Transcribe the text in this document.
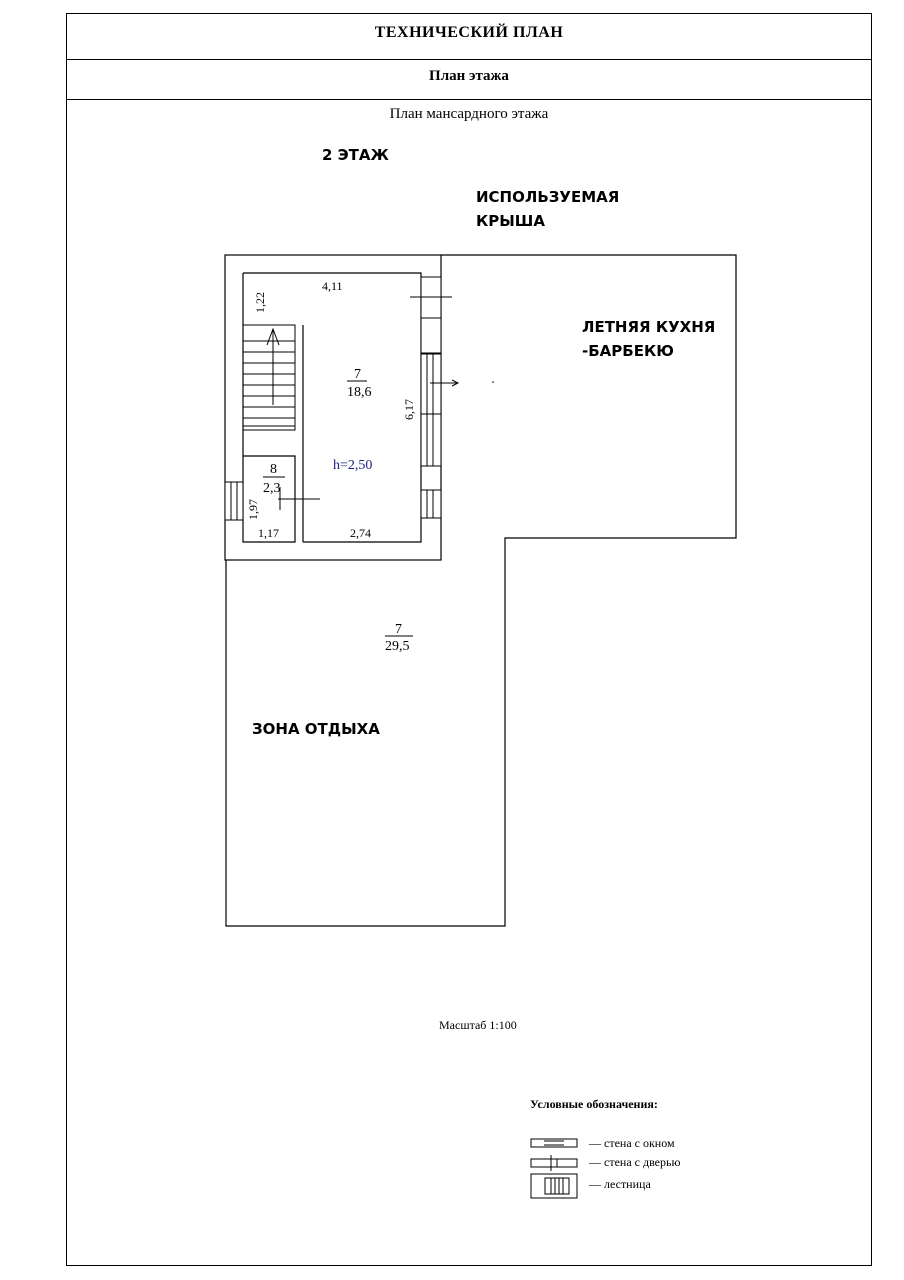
ТЕХНИЧЕСКИЙ ПЛАН
План этажа
План мансардного этажа
2 ЭТАЖ
ИСПОЛЬЗУЕМАЯ
КРЫША
ЛЕТНЯЯ КУХНЯ
-БАРБЕКЮ
ЗОНА ОТДЫХА
4,11
1,22
6,17
1,97
1,17	2,74
7
18,6
8
2,3
7
29,5
h=2,50
Масштаб 1:100
Условные обозначения:
— стена с окном
— стена с дверью
— лестница
